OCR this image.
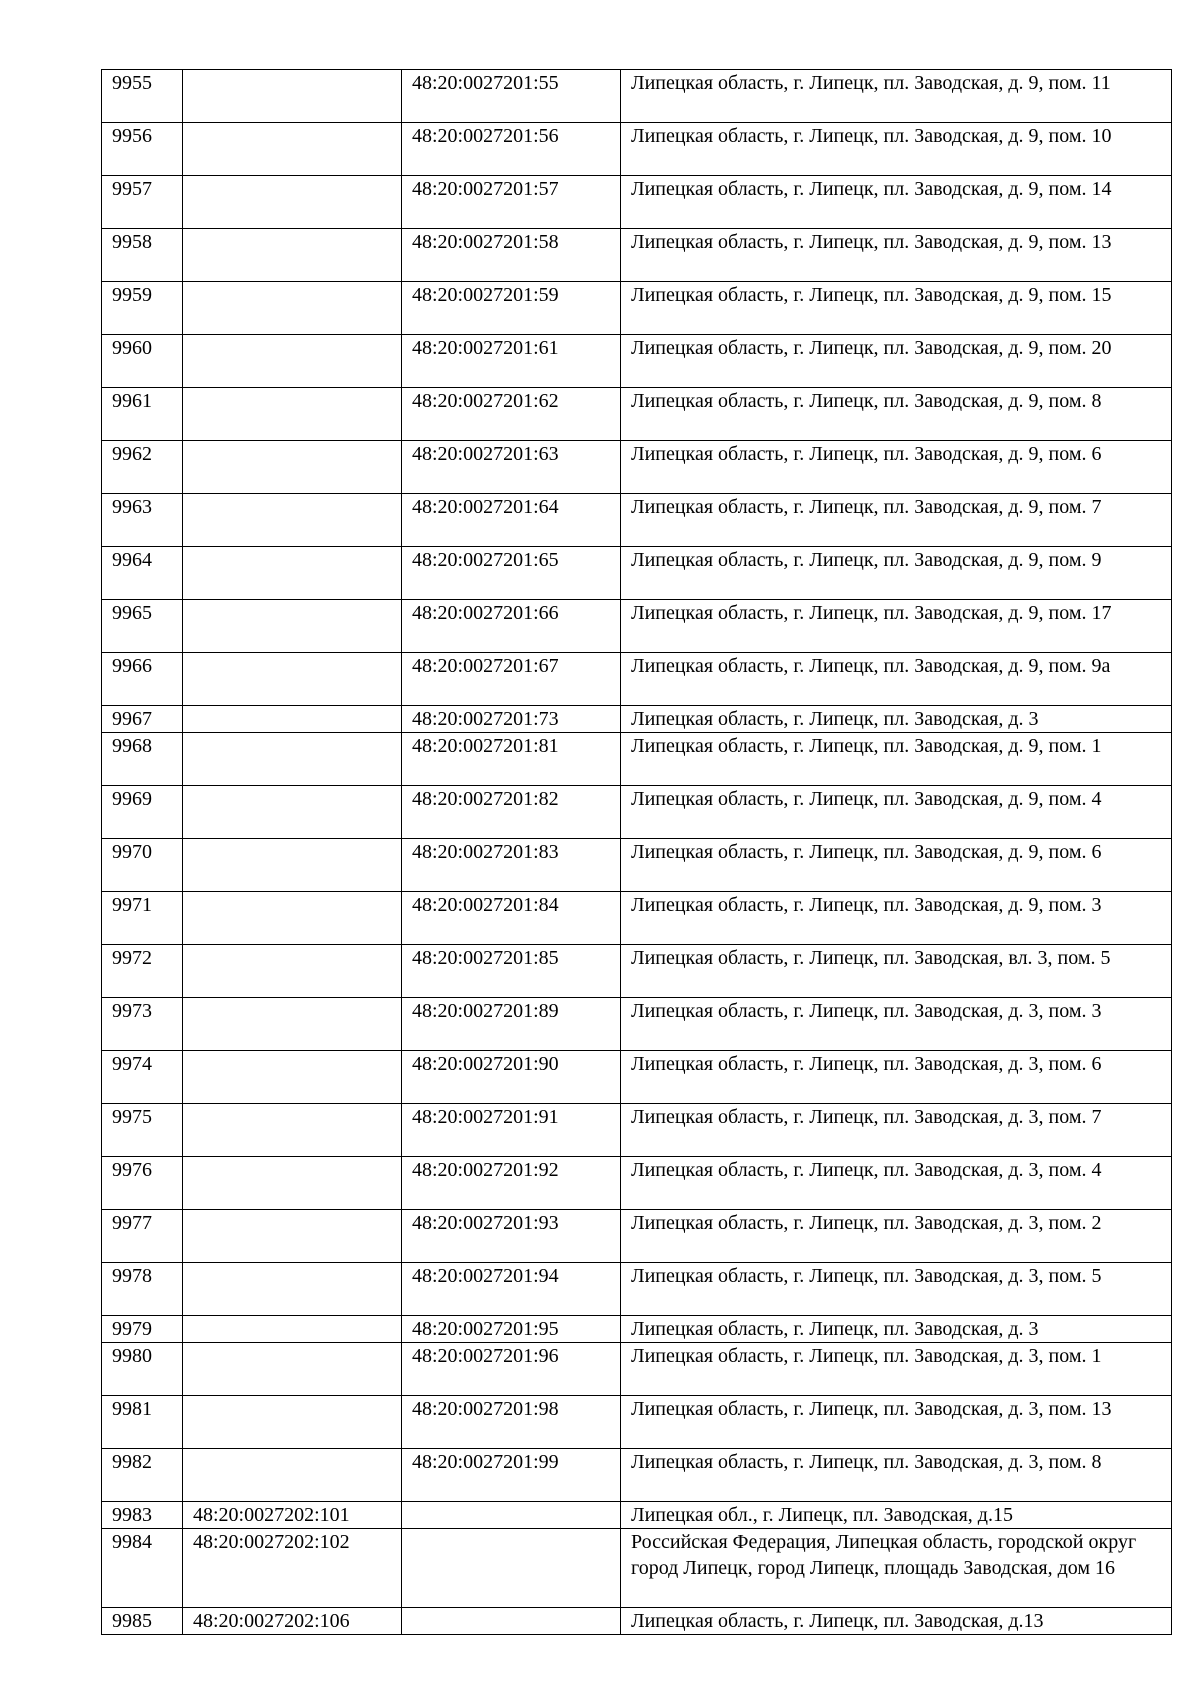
9955		48:20:0027201:55	Липецкая область, г. Липецк, пл. Заводская, д. 9, пом. 11
9956		48:20:0027201:56	Липецкая область, г. Липецк, пл. Заводская, д. 9, пом. 10
9957		48:20:0027201:57	Липецкая область, г. Липецк, пл. Заводская, д. 9, пом. 14
9958		48:20:0027201:58	Липецкая область, г. Липецк, пл. Заводская, д. 9, пом. 13
9959		48:20:0027201:59	Липецкая область, г. Липецк, пл. Заводская, д. 9, пом. 15
9960		48:20:0027201:61	Липецкая область, г. Липецк, пл. Заводская, д. 9, пом. 20
9961		48:20:0027201:62	Липецкая область, г. Липецк, пл. Заводская, д. 9, пом. 8
9962		48:20:0027201:63	Липецкая область, г. Липецк, пл. Заводская, д. 9, пом. 6
9963		48:20:0027201:64	Липецкая область, г. Липецк, пл. Заводская, д. 9, пом. 7
9964		48:20:0027201:65	Липецкая область, г. Липецк, пл. Заводская, д. 9, пом. 9
9965		48:20:0027201:66	Липецкая область, г. Липецк, пл. Заводская, д. 9, пом. 17
9966		48:20:0027201:67	Липецкая область, г. Липецк, пл. Заводская, д. 9, пом. 9а
9967		48:20:0027201:73	Липецкая область, г. Липецк, пл. Заводская, д. 3
9968		48:20:0027201:81	Липецкая область, г. Липецк, пл. Заводская, д. 9, пом. 1
9969		48:20:0027201:82	Липецкая область, г. Липецк, пл. Заводская, д. 9, пом. 4
9970		48:20:0027201:83	Липецкая область, г. Липецк, пл. Заводская, д. 9, пом. 6
9971		48:20:0027201:84	Липецкая область, г. Липецк, пл. Заводская, д. 9, пом. 3
9972		48:20:0027201:85	Липецкая область, г. Липецк, пл. Заводская, вл. 3, пом. 5
9973		48:20:0027201:89	Липецкая область, г. Липецк, пл. Заводская, д. 3, пом. 3
9974		48:20:0027201:90	Липецкая область, г. Липецк, пл. Заводская, д. 3, пом. 6
9975		48:20:0027201:91	Липецкая область, г. Липецк, пл. Заводская, д. 3, пом. 7
9976		48:20:0027201:92	Липецкая область, г. Липецк, пл. Заводская, д. 3, пом. 4
9977		48:20:0027201:93	Липецкая область, г. Липецк, пл. Заводская, д. 3, пом. 2
9978		48:20:0027201:94	Липецкая область, г. Липецк, пл. Заводская, д. 3, пом. 5
9979		48:20:0027201:95	Липецкая область, г. Липецк, пл. Заводская, д. 3
9980		48:20:0027201:96	Липецкая область, г. Липецк, пл. Заводская, д. 3, пом. 1
9981		48:20:0027201:98	Липецкая область, г. Липецк, пл. Заводская, д. 3, пом. 13
9982		48:20:0027201:99	Липецкая область, г. Липецк, пл. Заводская, д. 3, пом. 8
9983	48:20:0027202:101		Липецкая обл., г. Липецк, пл. Заводская, д.15
9984	48:20:0027202:102		Российская Федерация, Липецкая область, городской округ город Липецк, город Липецк, площадь Заводская, дом 16
9985	48:20:0027202:106		Липецкая область, г. Липецк, пл. Заводская, д.13
